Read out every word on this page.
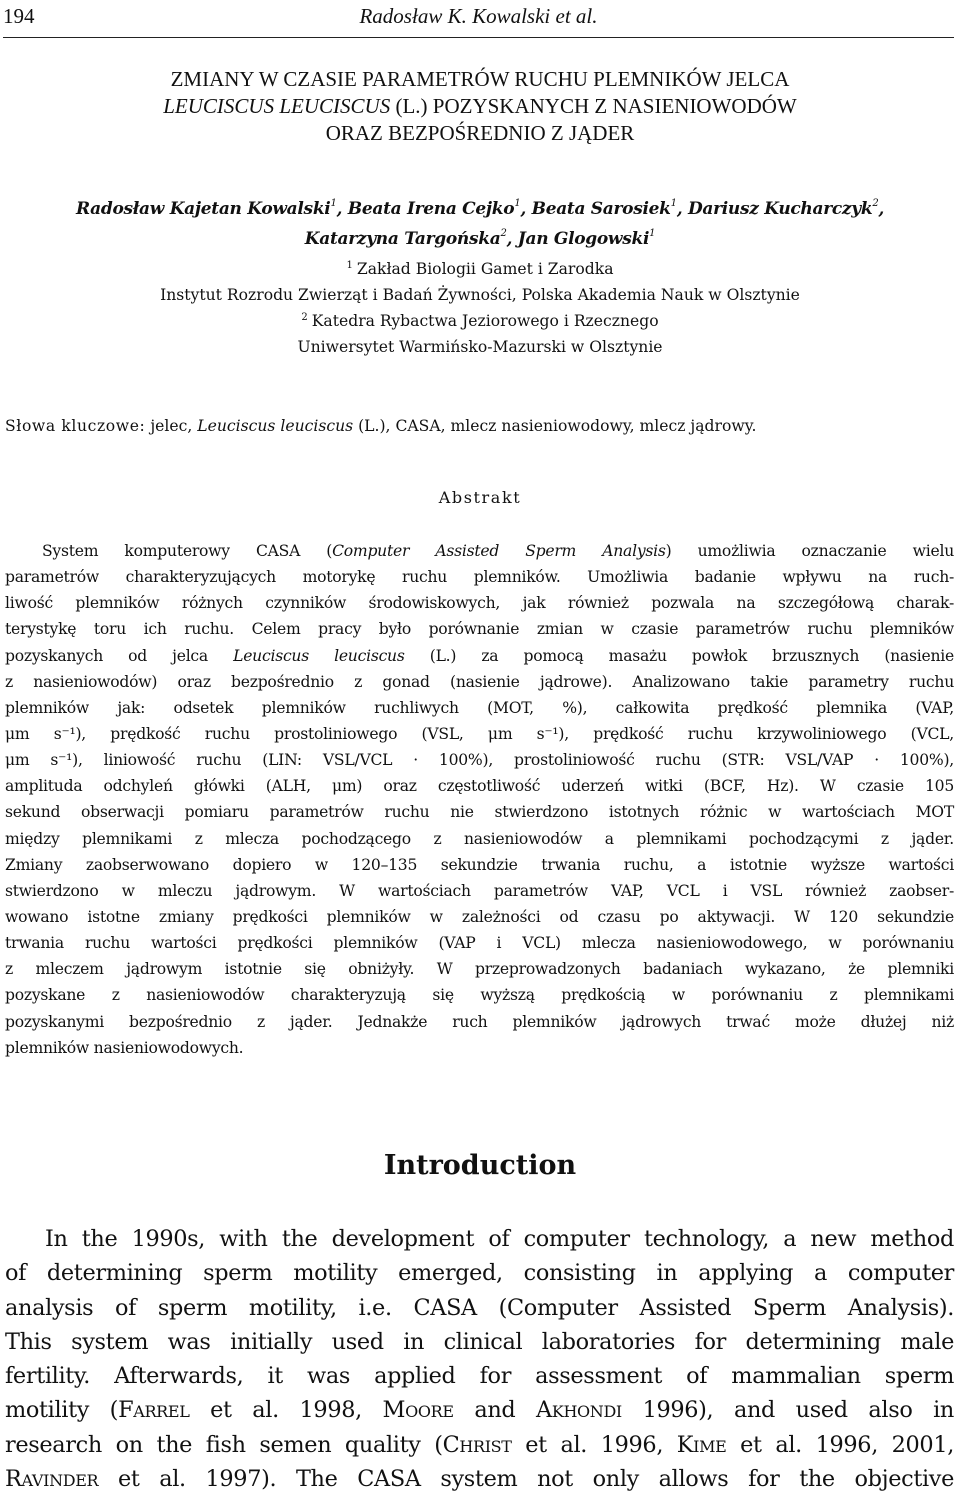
194	Radosław K. Kowalski et al.
ZMIANY W CZASIE PARAMETRÓW RUCHU PLEMNIKÓW JELCA
LEUCISCUS LEUCISCUS (L.) POZYSKANYCH Z NASIENIOWODÓW
ORAZ BEZPOŚREDNIO Z JĄDER
Radosław Kajetan Kowalski$^1$, Beata Irena Cejko$^1$, Beata Sarosiek$^1$, Dariusz Kucharczyk$^2$,
Katarzyna Targońska$^2$, Jan Glogowski$^1$
$^1$ Zakład Biologii Gamet i Zarodka
Instytut Rozrodu Zwierząt i Badań Żywności, Polska Akademia Nauk w Olsztynie
$^2$ Katedra Rybactwa Jeziorowego i Rzecznego
Uniwersytet Warmińsko-Mazurski w Olsztynie
Słowa kluczowe: jelec, Leuciscus leuciscus (L.), CASA, mlecz nasieniowodowy, mlecz jądrowy.
Abstrakt
System komputerowy CASA (Computer Assisted Sperm Analysis) umożliwia oznaczanie wielu
parametrów charakteryzujących motorykę ruchu plemników. Umożliwia badanie wpływu na ruch-
liwość plemników różnych czynników środowiskowych, jak również pozwala na szczegółową charak-
terystykę toru ich ruchu. Celem pracy było porównanie zmian w czasie parametrów ruchu plemników
pozyskanych od jelca Leuciscus leuciscus (L.) za pomocą masażu powłok brzusznych (nasienie
z nasieniowodów) oraz bezpośrednio z gonad (nasienie jądrowe). Analizowano takie parametry ruchu
plemników jak: odsetek plemników ruchliwych (MOT, %), całkowita prędkość plemnika (VAP,
μm s⁻¹), prędkość ruchu prostoliniowego (VSL, μm s⁻¹), prędkość ruchu krzywoliniowego (VCL,
μm s⁻¹), liniowość ruchu (LIN: VSL/VCL · 100%), prostoliniowość ruchu (STR: VSL/VAP · 100%),
amplituda odchyleń główki (ALH, μm) oraz częstotliwość uderzeń witki (BCF, Hz). W czasie 105
sekund obserwacji pomiaru parametrów ruchu nie stwierdzono istotnych różnic w wartościach MOT
między plemnikami z mlecza pochodzącego z nasieniowodów a plemnikami pochodzącymi z jąder.
Zmiany zaobserwowano dopiero w 120–135 sekundzie trwania ruchu, a istotnie wyższe wartości
stwierdzono w mleczu jądrowym. W wartościach parametrów VAP, VCL i VSL również zaobser-
wowano istotne zmiany prędkości plemników w zależności od czasu po aktywacji. W 120 sekundzie
trwania ruchu wartości prędkości plemników (VAP i VCL) mlecza nasieniowodowego, w porównaniu
z mleczem jądrowym istotnie się obniżyły. W przeprowadzonych badaniach wykazano, że plemniki
pozyskane z nasieniowodów charakteryzują się wyższą prędkością w porównaniu z plemnikami
pozyskanymi bezpośrednio z jąder. Jednakże ruch plemników jądrowych trwać może dłużej niż
plemników nasieniowodowych.
Introduction
In the 1990s, with the development of computer technology, a new method
of determining sperm motility emerged, consisting in applying a computer
analysis of sperm motility, i.e. CASA (Computer Assisted Sperm Analysis).
This system was initially used in clinical laboratories for determining male
fertility. Afterwards, it was applied for assessment of mammalian sperm
motility (Farrel et al. 1998, Moore and Akhondi 1996), and used also in
research on the fish semen quality (Christ et al. 1996, Kime et al. 1996, 2001,
Ravinder et al. 1997). The CASA system not only allows for the objective
